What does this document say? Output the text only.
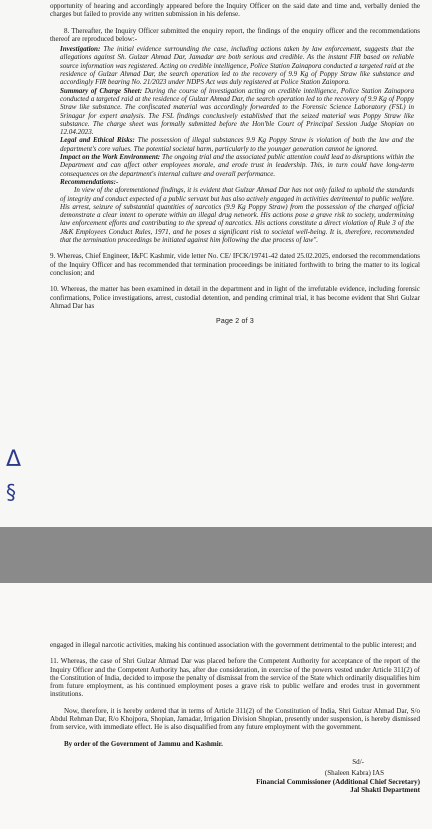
opportunity of hearing and accordingly appeared before the Inquiry Officer on the said date and time and, verbally denied the charges but failed to provide any written submission in his defense.

8. Thereafter, the Inquiry Officer submitted the enquiry report, the findings of the enquiry officer and the recommendations thereof are reproduced below:-

Investigation: The initial evidence surrounding the case, including actions taken by law enforcement, suggests that the allegations against Sh. Gulzar Ahmad Dar, Jamadar are both serious and credible. As the instant FIR based on reliable source information was registered. Acting on credible intelligence, Police Station Zainapora conducted a targeted raid at the residence of Gulzar Ahmad Dar, the search operation led to the recovery of 9.9 Kg of Poppy Straw like substance and accordingly FIR bearing No. 21/2023 under NDPS Act was duly registered at Police Station Zainpora.

Summary of Charge Sheet: During the course of investigation acting on credible intelligence, Police Station Zainapora conducted a targeted raid at the residence of Gulzar Ahmad Dar, the search operation led to the recovery of 9.9 Kg of Poppy Straw like substance. The confiscated material was accordingly forwarded to the Forensic Science Laboratory (FSL) in Srinagar for expert analysis. The FSL findings conclusively established that the seized material was Poppy Straw like substance. The charge sheet was formally submitted before the Hon'ble Court of Principal Session Judge Shopian on 12.04.2023.

Legal and Ethical Risks: The possession of illegal substances 9.9 Kg Poppy Straw is violation of both the law and the department's core values. The potential societal harm, particularly to the younger generation cannot be ignored.

Impact on the Work Environment: The ongoing trial and the associated public attention could lead to disruptions within the Department and can affect other employees morale, and erode trust in leadership. This, in turn could have long-term consequences on the department's internal culture and overall performance.

Recommendations:-

In view of the aforementioned findings, it is evident that Gulzar Ahmad Dar has not only failed to uphold the standards of integrity and conduct expected of a public servant but has also actively engaged in activities detrimental to public welfare. His arrest, seizure of substantial quantities of narcotics (9.9 Kg Poppy Straw) from the possession of the charged official demonstrate a clear intent to operate within an illegal drug network. His actions pose a grave risk to society, undermining law enforcement efforts and contributing to the spread of narcotics. His actions constitute a direct violation of Rule 3 of the J&K Employees Conduct Rules, 1971, and he poses a significant risk to societal well-being. It is, therefore, recommended that the termination proceedings be initiated against him following the due process of law".

9. Whereas, Chief Engineer, I&FC Kashmir, vide letter No. CE/ IFCK/19741-42 dated 25.02.2025, endorsed the recommendations of the Inquiry Officer and has recommended that termination proceedings be initiated forthwith to bring the matter to its logical conclusion; and

10. Whereas, the matter has been examined in detail in the department and in light of the irrefutable evidence, including forensic confirmations, Police investigations, arrest, custodial detention, and pending criminal trial, it has become evident that Shri Gulzar Ahmad Dar has

Page 2 of 3
Δ
§

engaged in illegal narcotic activities, making his continued association with the government detrimental to the public interest; and

11. Whereas, the case of Shri Gulzar Ahmad Dar was placed before the Competent Authority for acceptance of the report of the Inquiry Officer and the Competent Authority has, after due consideration, in exercise of the powers vested under Article 311(2) of the Constitution of India, decided to impose the penalty of dismissal from the service of the State which ordinarily disqualifies him from future employment, as his continued employment poses a grave risk to public welfare and erodes trust in government institutions.

Now, therefore, it is hereby ordered that in terms of Article 311(2) of the Constitution of India, Shri Gulzar Ahmad Dar, S/o Abdul Rehman Dar, R/o Khojpora, Shopian, Jamadar, Irrigation Division Shopian, presently under suspension, is hereby dismissed from service, with immediate effect. He is also disqualified from any future employment with the government.

By order of the Government of Jammu and Kashmir.

Sd/-

(Shaleen Kabra) IAS

Financial Commissioner (Additional Chief Secretary)

Jal Shakti Department
